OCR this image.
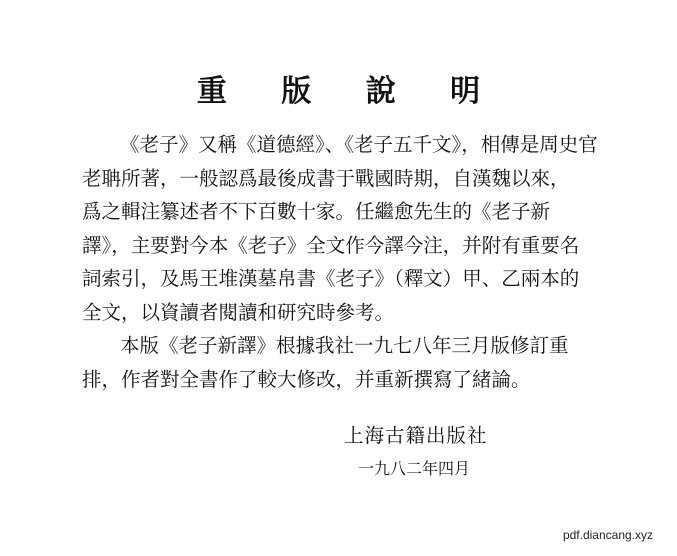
重 版 說 明

《老子》又稱《道德經》、《老子五千文》，相傳是周史官
老聃所著，一般認爲最後成書于戰國時期，自漢魏以來，
爲之輯注纂述者不下百數十家。任繼愈先生的《老子新
譯》，主要對今本《老子》全文作今譯今注，并附有重要名
詞索引，及馬王堆漢墓帛書《老子》（釋文）甲、乙兩本的
全文，以資讀者閱讀和研究時參考。

本版《老子新譯》根據我社一九七八年三月版修訂重
排，作者對全書作了較大修改，并重新撰寫了緒論。

上海古籍出版社
一九八二年四月
pdf.diancang.xyz
